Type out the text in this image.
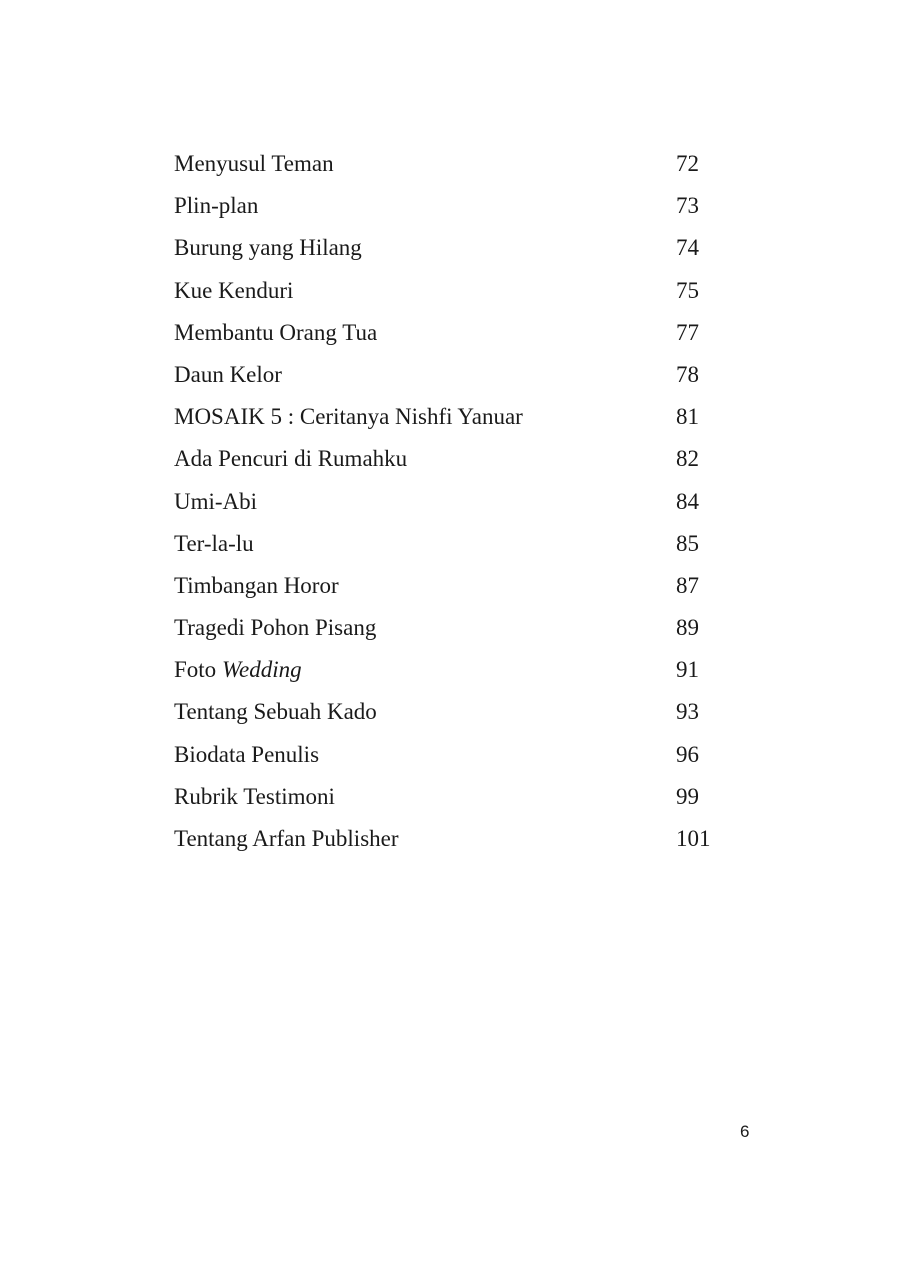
Menyusul Teman	72
Plin-plan	73
Burung yang Hilang	74
Kue Kenduri	75
Membantu Orang Tua	77
Daun Kelor	78
MOSAIK 5 : Ceritanya Nishfi Yanuar	81
Ada Pencuri di Rumahku	82
Umi-Abi	84
Ter-la-lu	85
Timbangan Horor	87
Tragedi Pohon Pisang	89
Foto Wedding	91
Tentang Sebuah Kado	93
Biodata Penulis	96
Rubrik Testimoni	99
Tentang Arfan Publisher	101
6
